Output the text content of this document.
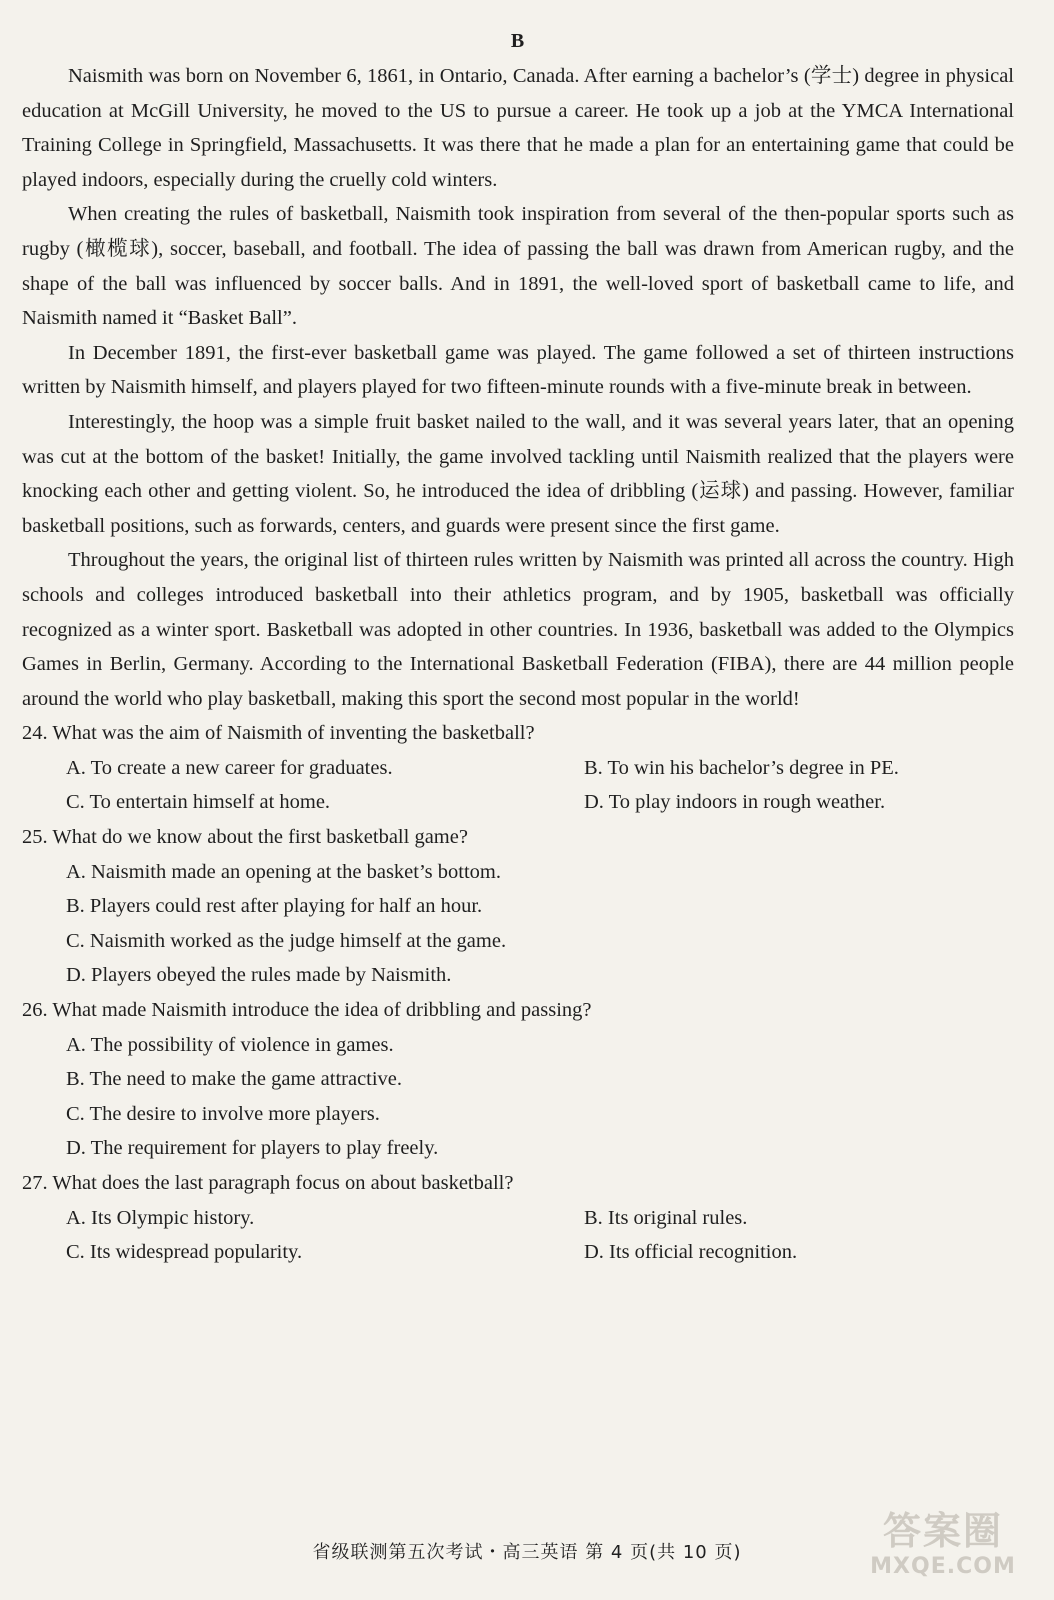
B

Naismith was born on November 6, 1861, in Ontario, Canada. After earning a bachelor’s (学士) degree in physical education at McGill University, he moved to the US to pursue a career. He took up a job at the YMCA International Training College in Springfield, Massachusetts. It was there that he made a plan for an entertaining game that could be played indoors, especially during the cruelly cold winters.

When creating the rules of basketball, Naismith took inspiration from several of the then-popular sports such as rugby (橄榄球), soccer, baseball, and football. The idea of passing the ball was drawn from American rugby, and the shape of the ball was influenced by soccer balls. And in 1891, the well-loved sport of basketball came to life, and Naismith named it “Basket Ball”.

In December 1891, the first-ever basketball game was played. The game followed a set of thirteen instructions written by Naismith himself, and players played for two fifteen-minute rounds with a five-minute break in between.

Interestingly, the hoop was a simple fruit basket nailed to the wall, and it was several years later, that an opening was cut at the bottom of the basket! Initially, the game involved tackling until Naismith realized that the players were knocking each other and getting violent. So, he introduced the idea of dribbling (运球) and passing. However, familiar basketball positions, such as forwards, centers, and guards were present since the first game.

Throughout the years, the original list of thirteen rules written by Naismith was printed all across the country. High schools and colleges introduced basketball into their athletics program, and by 1905, basketball was officially recognized as a winter sport. Basketball was adopted in other countries. In 1936, basketball was added to the Olympics Games in Berlin, Germany. According to the International Basketball Federation (FIBA), there are 44 million people around the world who play basketball, making this sport the second most popular in the world!

24. What was the aim of Naismith of inventing the basketball?
A. To create a new career for graduates.	B. To win his bachelor’s degree in PE.
C. To entertain himself at home.	D. To play indoors in rough weather.
25. What do we know about the first basketball game?
A. Naismith made an opening at the basket’s bottom.
B. Players could rest after playing for half an hour.
C. Naismith worked as the judge himself at the game.
D. Players obeyed the rules made by Naismith.
26. What made Naismith introduce the idea of dribbling and passing?
A. The possibility of violence in games.
B. The need to make the game attractive.
C. The desire to involve more players.
D. The requirement for players to play freely.
27. What does the last paragraph focus on about basketball?
A. Its Olympic history.	B. Its original rules.
C. Its widespread popularity.	D. Its official recognition.
省级联测第五次考试・高三英语 第 4 页(共 10 页)	答案圈
MXQE.COM
